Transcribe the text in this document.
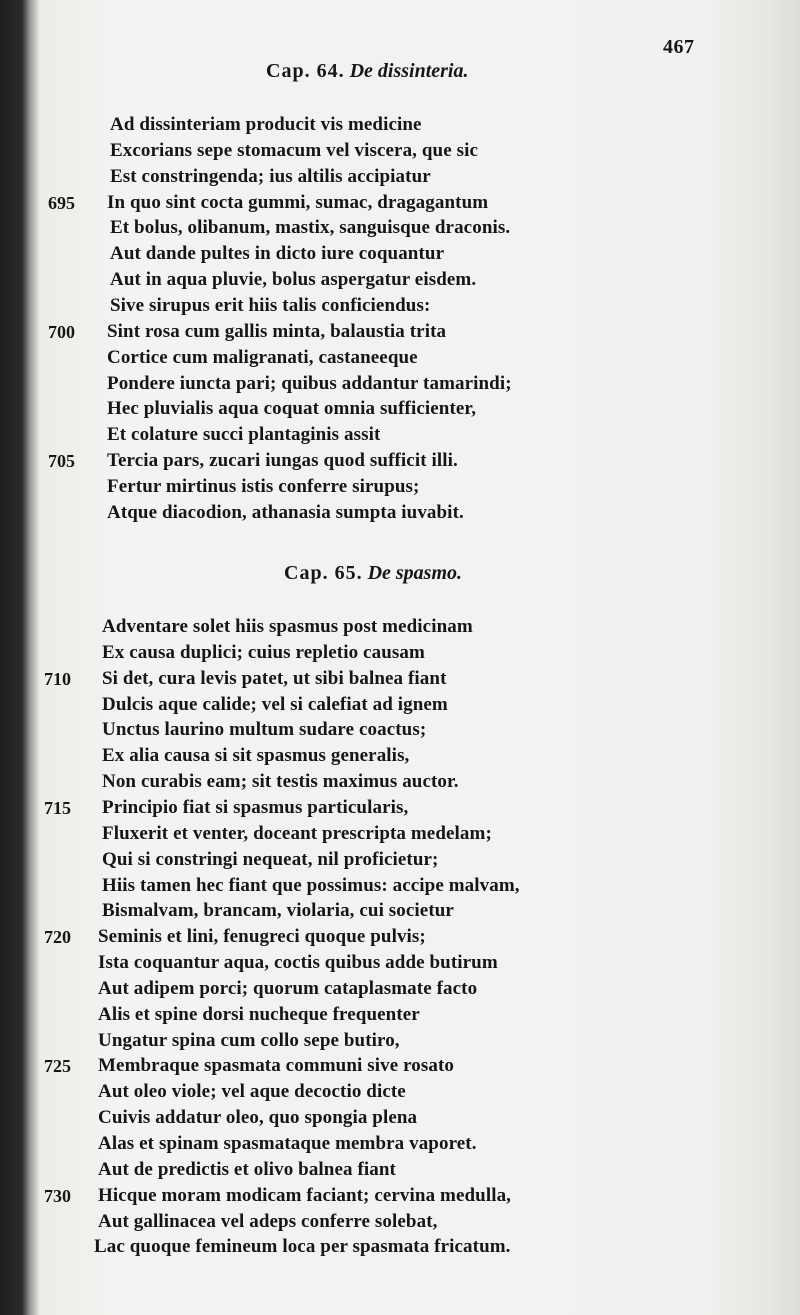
467
Cap. 64. De dissinteria.
Ad dissinteriam producit vis medicine
Excorians sepe stomacum vel viscera, que sic
Est constringenda; ius altilis accipiatur
In quo sint cocta gummi, sumac, dragagantum
695
Et bolus, olibanum, mastix, sanguisque draconis.
Aut dande pultes in dicto iure coquantur
Aut in aqua pluvie, bolus aspergatur eisdem.
Sive sirupus erit hiis talis conficiendus:
Sint rosa cum gallis minta, balaustia trita
700
Cortice cum maligranati, castaneeque
Pondere iuncta pari; quibus addantur tamarindi;
Hec pluvialis aqua coquat omnia sufficienter,
Et colature succi plantaginis assit
Tercia pars, zucari iungas quod sufficit illi.
705
Fertur mirtinus istis conferre sirupus;
Atque diacodion, athanasia sumpta iuvabit.
Cap. 65. De spasmo.
Adventare solet hiis spasmus post medicinam
Ex causa duplici; cuius repletio causam
Si det, cura levis patet, ut sibi balnea fiant
710
Dulcis aque calide; vel si calefiat ad ignem
Unctus laurino multum sudare coactus;
Ex alia causa si sit spasmus generalis,
Non curabis eam; sit testis maximus auctor.
Principio fiat si spasmus particularis,
715
Fluxerit et venter, doceant prescripta medelam;
Qui si constringi nequeat, nil proficietur;
Hiis tamen hec fiant que possimus: accipe malvam,
Bismalvam, brancam, violaria, cui societur
Seminis et lini, fenugreci quoque pulvis;
720
Ista coquantur aqua, coctis quibus adde butirum
Aut adipem porci; quorum cataplasmate facto
Alis et spine dorsi nucheque frequenter
Ungatur spina cum collo sepe butiro,
Membraque spasmata communi sive rosato
725
Aut oleo viole; vel aque decoctio dicte
Cuivis addatur oleo, quo spongia plena
Alas et spinam spasmataque membra vaporet.
Aut de predictis et olivo balnea fiant
Hicque moram modicam faciant; cervina medulla,
730
Aut gallinacea vel adeps conferre solebat,
Lac quoque femineum loca per spasmata fricatum.
